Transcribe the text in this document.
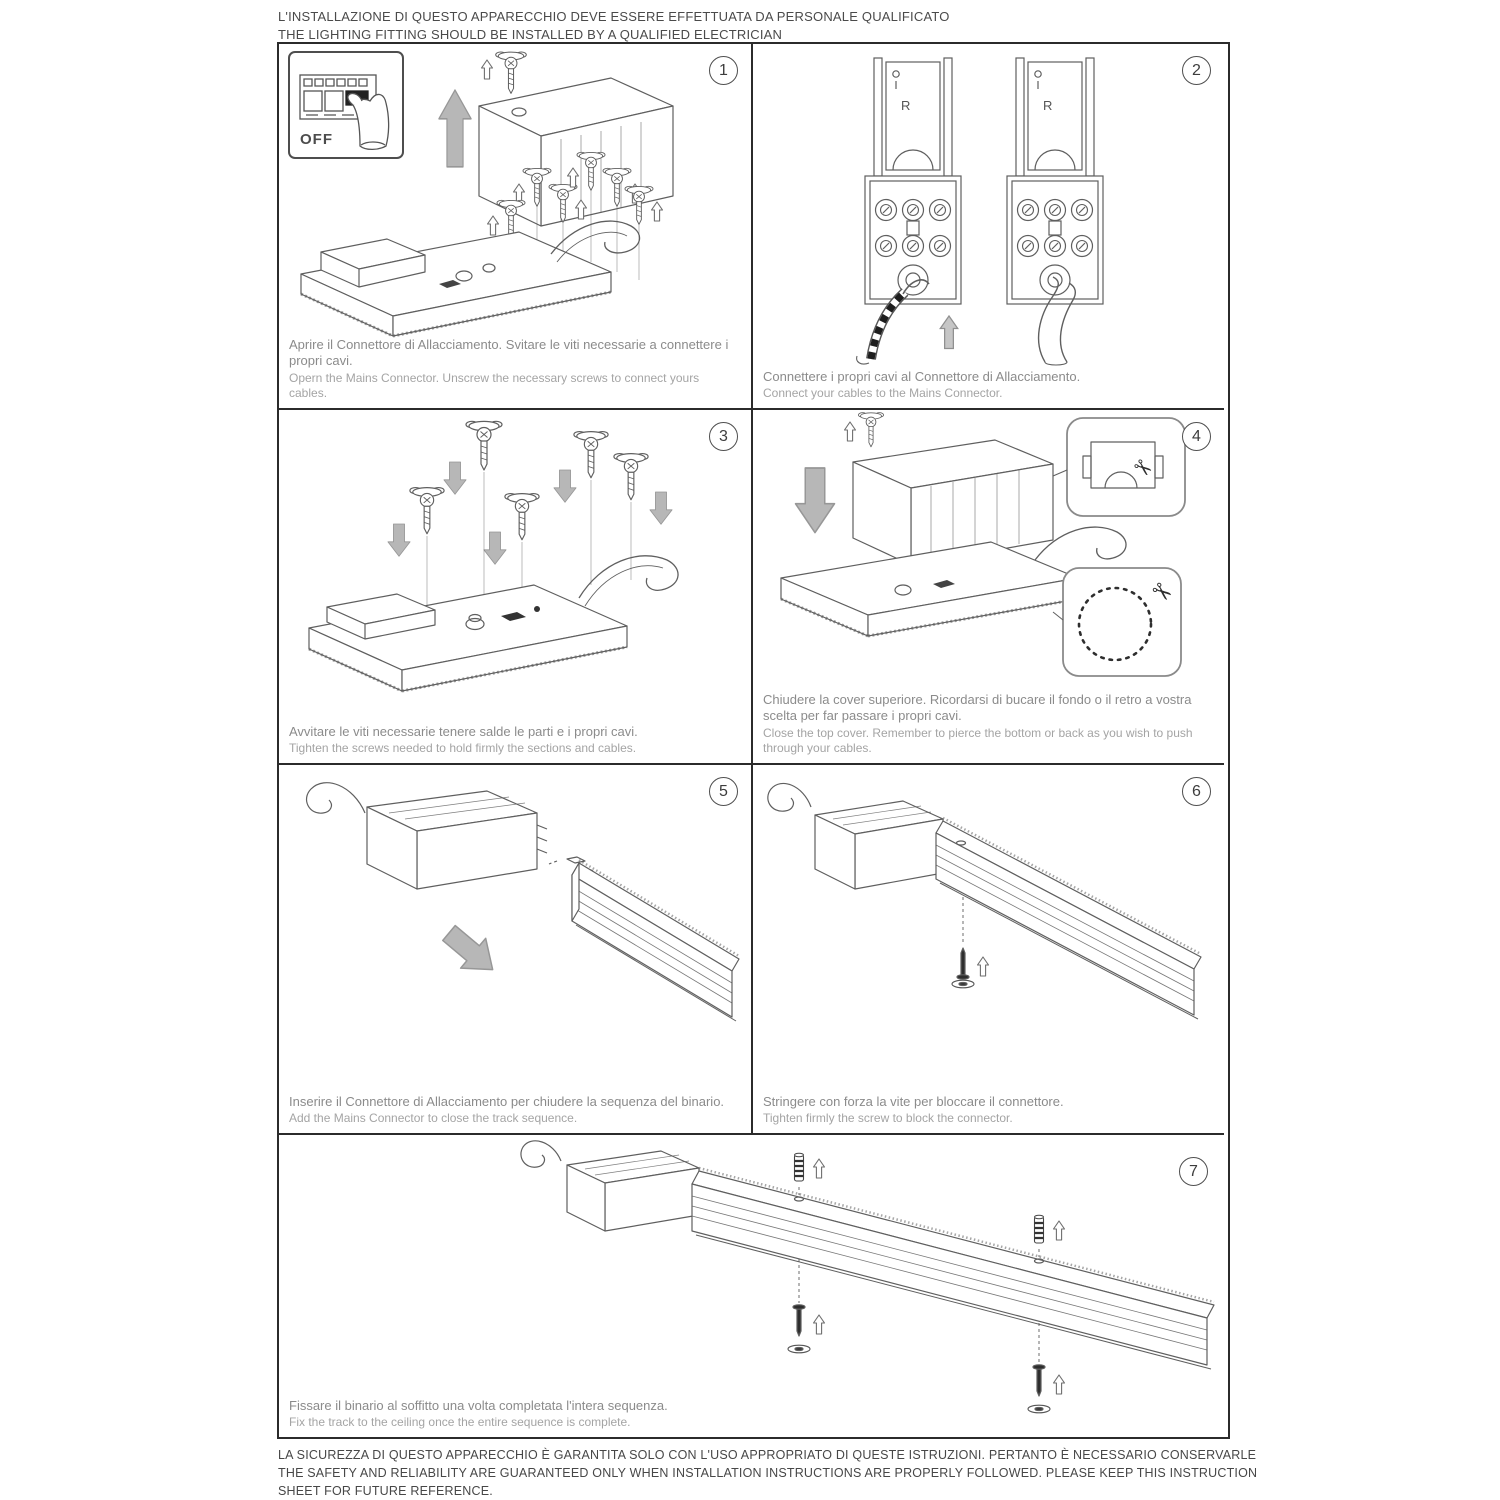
L'INSTALLAZIONE DI QUESTO APPARECCHIO DEVE ESSERE EFFETTUATA DA PERSONALE QUALIFICATO
THE LIGHTING FITTING SHOULD BE INSTALLED BY A QUALIFIED ELECTRICIAN
1
OFF
Aprire il Connettore di Allacciamento. Svitare le viti necessarie a connettere i propri cavi.
Opern the Mains Connector. Unscrew the necessary screws to connect yours cables.
2
R	R
Connettere i propri cavi al Connettore di Allacciamento.
Connect your cables to the Mains Connector.
3
Avvitare le viti necessarie tenere salde le parti e i propri cavi.
Tighten the screws needed to hold firmly the sections and cables.
4
✂
✂
Chiudere la cover superiore. Ricordarsi di bucare il fondo o il retro a vostra scelta per far passare i propri cavi.
Close the top cover. Remember to pierce the bottom or back as you wish to push through your cables.
5
Inserire il Connettore di Allacciamento per chiudere la sequenza del binario.
Add the Mains Connector to close the track sequence.
6
Stringere con forza la vite per bloccare il connettore.
Tighten firmly the screw to block the connector.
7
Fissare il binario al soffitto una volta completata l'intera sequenza.
Fix the track to the ceiling once the entire sequence is complete.
LA SICUREZZA DI QUESTO APPARECCHIO È GARANTITA SOLO CON L'USO APPROPRIATO DI QUESTE ISTRUZIONI. PERTANTO È NECESSARIO CONSERVARLE
THE SAFETY AND RELIABILITY ARE GUARANTEED ONLY WHEN INSTALLATION INSTRUCTIONS ARE PROPERLY FOLLOWED. PLEASE KEEP THIS INSTRUCTION
SHEET FOR FUTURE REFERENCE.
